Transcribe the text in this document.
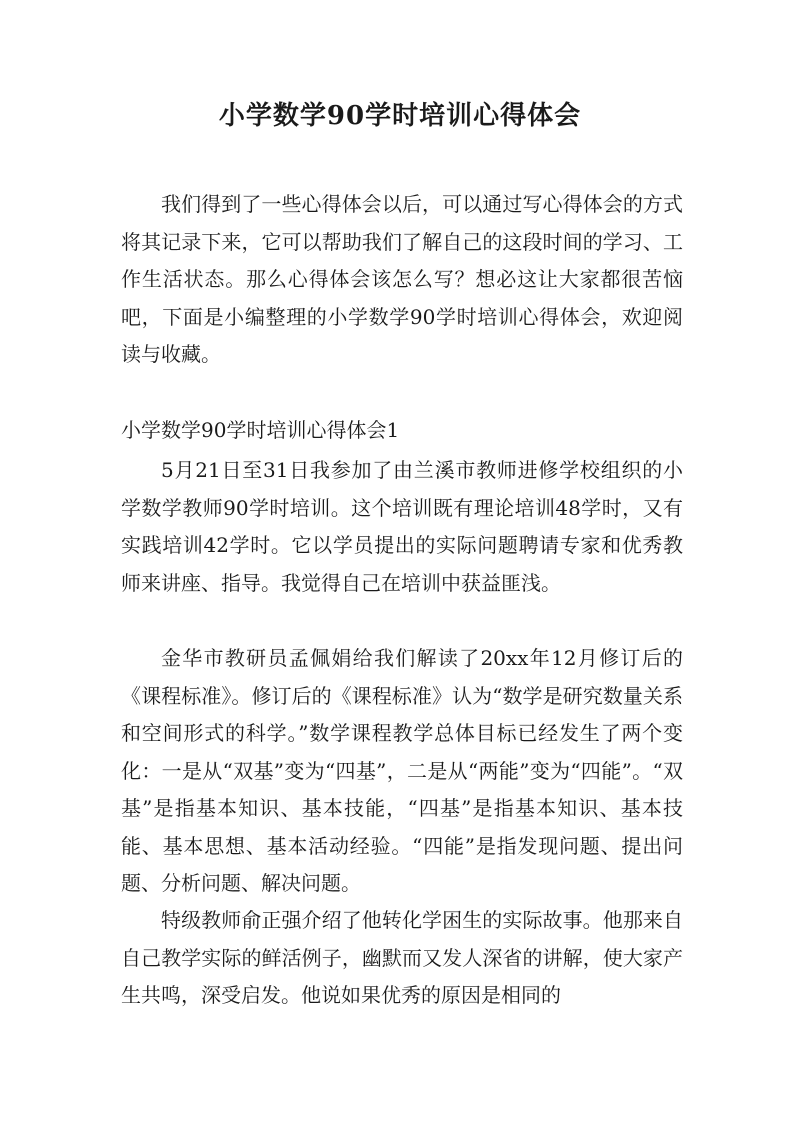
小学数学90学时培训心得体会

我们得到了一些心得体会以后，可以通过写心得体会的方式将其记录下来，它可以帮助我们了解自己的这段时间的学习、工作生活状态。那么心得体会该怎么写？想必这让大家都很苦恼吧，下面是小编整理的小学数学90学时培训心得体会，欢迎阅读与收藏。

小学数学90学时培训心得体会1

5月21日至31日我参加了由兰溪市教师进修学校组织的小学数学教师90学时培训。这个培训既有理论培训48学时，又有实践培训42学时。它以学员提出的实际问题聘请专家和优秀教师来讲座、指导。我觉得自己在培训中获益匪浅。

金华市教研员孟佩娟给我们解读了20xx年12月修订后的《课程标准》。修订后的《课程标准》认为“数学是研究数量关系和空间形式的科学。”数学课程教学总体目标已经发生了两个变化：一是从“双基”变为“四基”，二是从“两能”变为“四能”。“双基”是指基本知识、基本技能，“四基”是指基本知识、基本技能、基本思想、基本活动经验。“四能”是指发现问题、提出问题、分析问题、解决问题。

特级教师俞正强介绍了他转化学困生的实际故事。他那来自自己教学实际的鲜活例子，幽默而又发人深省的讲解，使大家产生共鸣，深受启发。他说如果优秀的原因是相同的
